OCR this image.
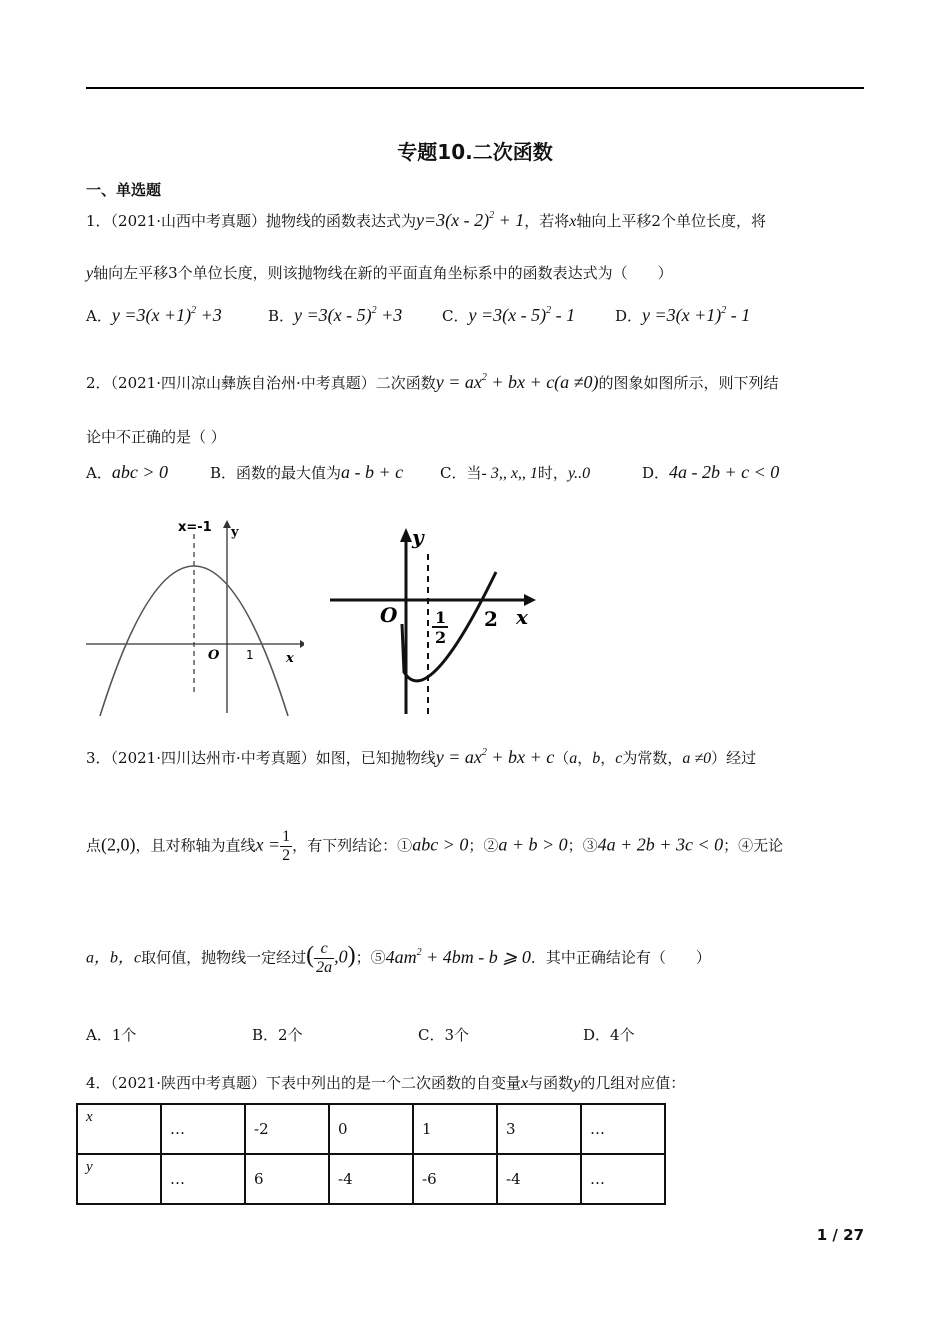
专题10.二次函数
一、单选题
1．（2021·山西中考真题）抛物线的函数表达式为y=3(x - 2)$^2$ + 1，若将x轴向上平移2个单位长度，将
y轴向左平移3个单位长度，则该抛物线在新的平面直角坐标系中的函数表达式为（　　）
A．$y =3(x +1)^2 +3$	B．y =3(x - 5)$^2$ +3	C．y =3(x - 5)$^2$ - 1	D．$y =3(x +1)^2 - 1$
2．（2021·四川凉山彝族自治州·中考真题）二次函数$y = ax^2$ + bx + c(a ≠0)的图象如图所示，则下列结
论中不正确的是（ ）
A．abc > 0	B．函数的最大值为a - b + c C．当- 3,, x,, 1时，y..0	D．4a - 2b + c < 0
x=-1 y
x
O 1
y
x
O 1
2
2
3．（2021·四川达州市·中考真题）如图，已知抛物线$y = ax^2$ + bx + c（a，b，c为常数，a ≠0）经过
点(2,0)，且对称轴为直线$x = \frac{1}{2}$ ，有下列结论：①abc > 0；②a + b > 0；③4a + 2b + 3c < 0；④无论
a，b，c取何值，抛物线一定经过( $\frac{c}{2a} ,0$)；$⑤4am^2 + 4bm - b$ ⩾ 0．其中正确结论有（　　）
A．1个	B．2个	C．3个	D．4个
4．（2021·陕西中考真题）下表中列出的是一个二次函数的自变量x与函数y的几组对应值：
x	…	-2	0	1	3	…
y	…	6	-4	-6	-4	…
1 / 27
